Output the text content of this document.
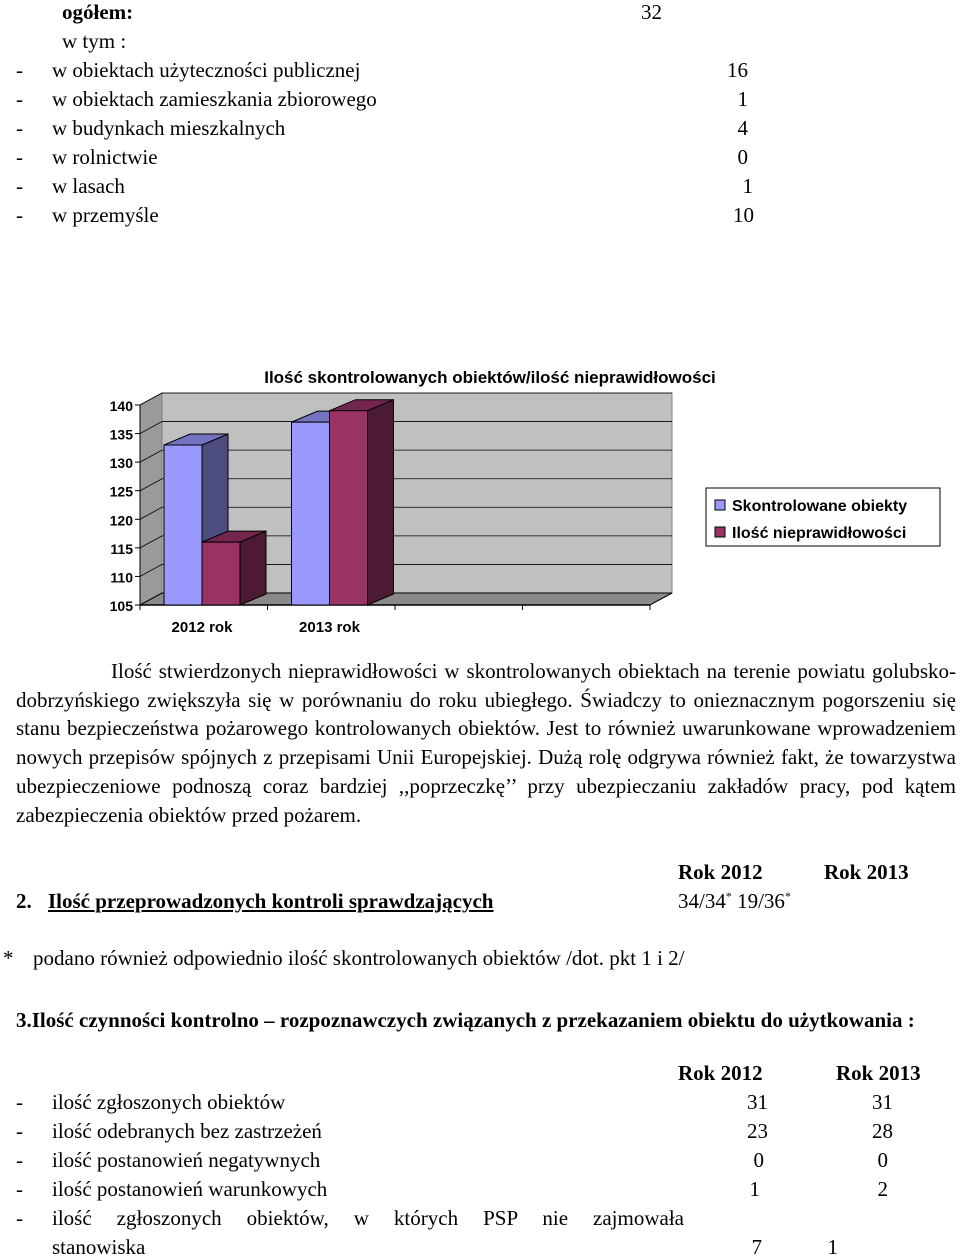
ogółem:	32
w tym :
- w obiektach użyteczności publicznej	16
- w obiektach zamieszkania zbiorowego	1
- w budynkach mieszkalnych	4
- w rolnictwie	0
- w lasach	1
- w przemyśle	10
Ilość skontrolowanych obiektów/ilość nieprawidłowości
140
135
130
125
120
115
110
105
2012 rok	2013 rok
Skontrolowane obiekty
Ilość nieprawidłowości

Ilość stwierdzonych nieprawidłowości w skontrolowanych obiektach na terenie powiatu golubsko-dobrzyńskiego zwiększyła się w porównaniu do roku ubiegłego. Świadczy to onieznacznym pogorszeniu się stanu bezpieczeństwa pożarowego kontrolowanych obiektów. Jest to również uwarunkowane wprowadzeniem nowych przepisów spójnych z przepisami Unii Europejskiej. Dużą rolę odgrywa również fakt, że towarzystwa ubezpieczeniowe podnoszą coraz bardziej ,,poprzeczkę’’ przy ubezpieczaniu zakładów pracy, pod kątem zabezpieczenia obiektów przed pożarem.

Rok 2012	Rok 2013
2. Ilość przeprowadzonych kontroli sprawdzających	34/34* 19/36*
* podano również odpowiednio ilość skontrolowanych obiektów /dot. pkt 1 i 2/
3.Ilość czynności kontrolno – rozpoznawczych związanych z przekazaniem obiektu do użytkowania :
Rok 2012	Rok 2013
- ilość zgłoszonych obiektów	31	31
- ilość odebranych bez zastrzeżeń	23	28
- ilość postanowień negatywnych	0	0
- ilość postanowień warunkowych	1	2
- ilość zgłoszonych obiektów, w których PSP nie zajmowała
stanowiska	7	1
